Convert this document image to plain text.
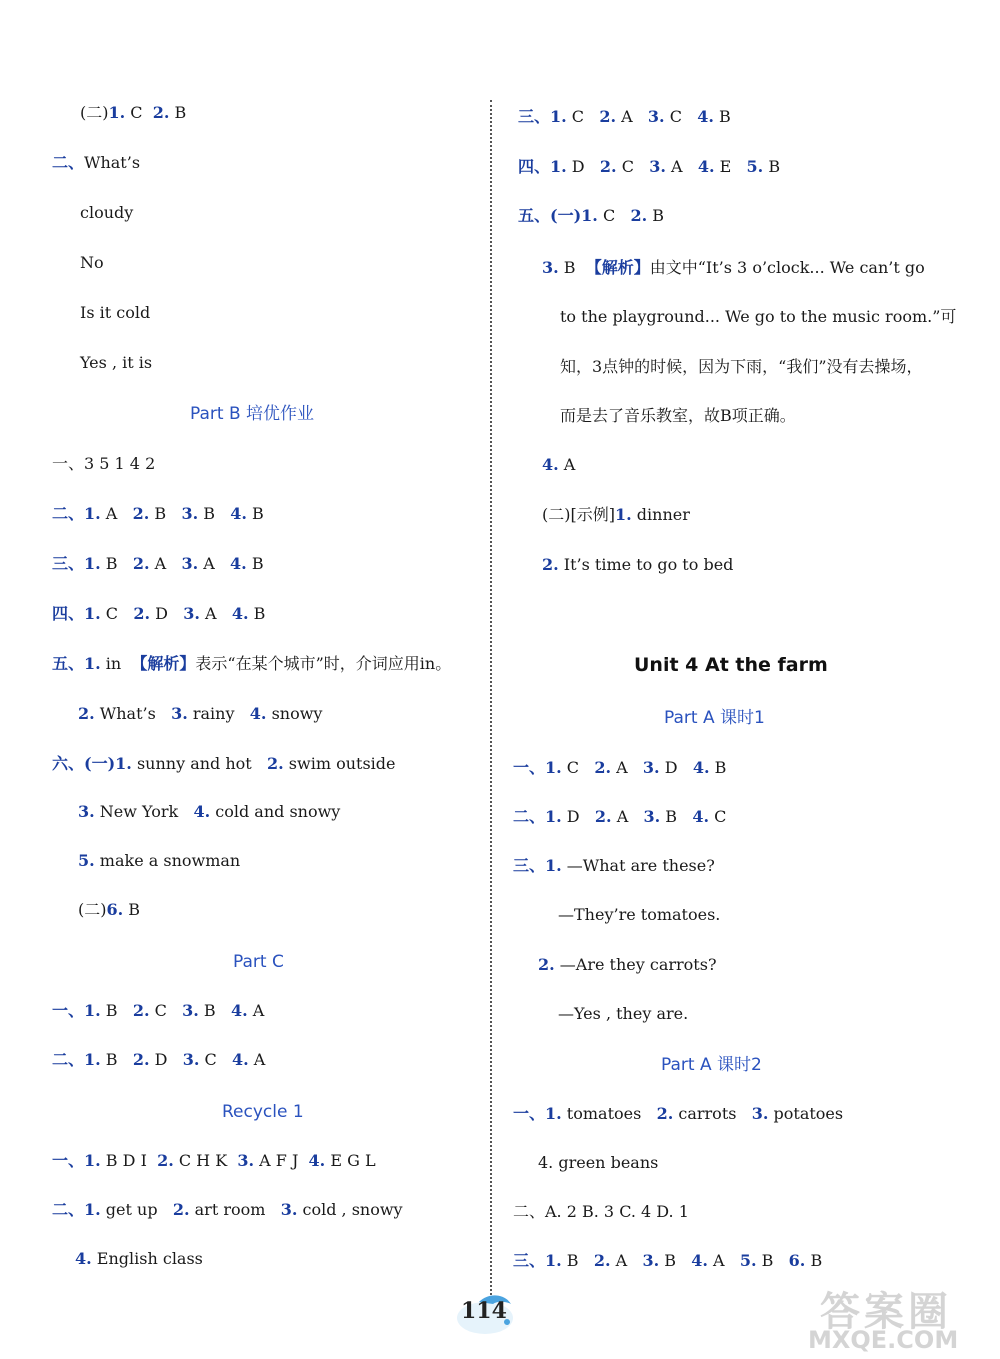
(二)1. C 2. B
二、What’s
cloudy
No
Is it cold
Yes , it is
Part B 培优作业
一、3 5 1 4 2
二、1. A 2. B 3. B 4. B
三、1. B 2. A 3. A 4. B
四、1. C 2. D 3. A 4. B
五、1. in 【解析】表示“在某个城市”时，介词应用in。
2. What’s 3. rainy 4. snowy
六、(一)1. sunny and hot 2. swim outside
3. New York 4. cold and snowy
5. make a snowman
(二)6. B
Part C
一、1. B 2. C 3. B 4. A
二、1. B 2. D 3. C 4. A
Recycle 1
一、1. B D I 2. C H K 3. A F J 4. E G L
二、1. get up 2. art room 3. cold , snowy
4. English class
三、1. C 2. A 3. C 4. B
四、1. D 2. C 3. A 4. E 5. B
五、(一)1. C 2. B
3. B 【解析】由文中“It’s 3 o’clock... We can’t go
to the playground... We go to the music room.”可
知，3点钟的时候，因为下雨，“我们”没有去操场，
而是去了音乐教室，故B项正确。
4. A
(二)[示例]1. dinner
2. It’s time to go to bed
Unit 4 At the farm
Part A 课时1
一、1. C 2. A 3. D 4. B
二、1. D 2. A 3. B 4. C
三、1. —What are these?
—They’re tomatoes.
2. —Are they carrots?
—Yes , they are.
Part A 课时2
一、1. tomatoes 2. carrots 3. potatoes
4. green beans
二、A. 2 B. 3 C. 4 D. 1
三、1. B 2. A 3. B 4. A 5. B 6. B
114	答案圈
MXQE.COM
